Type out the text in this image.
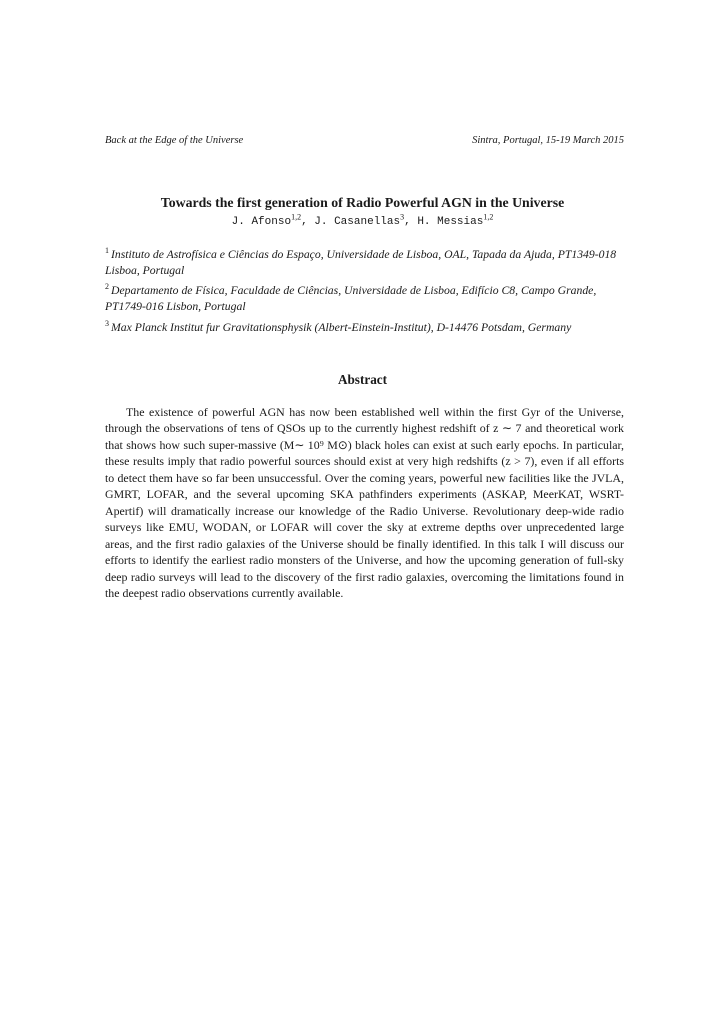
Back at the Edge of the Universe	Sintra, Portugal, 15-19 March 2015
Towards the first generation of Radio Powerful AGN in the Universe
J. Afonso$^{1,2}$, J. Casanellas$^3$, H. Messias$^{1,2}$

$^1$ Instituto de Astrofísica e Ciências do Espaço, Universidade de Lisboa, OAL, Tapada da Ajuda, PT1349-018 Lisboa, Portugal

$^2$ Departamento de Física, Faculdade de Ciências, Universidade de Lisboa, Edifício C8, Campo Grande, PT1749-016 Lisbon, Portugal

$^3$ Max Planck Institut fur Gravitationsphysik (Albert-Einstein-Institut), D-14476 Potsdam, Germany

Abstract

The existence of powerful AGN has now been established well within the first Gyr of the Universe, through the observations of tens of QSOs up to the currently highest redshift of z ∼ 7 and theoretical work that shows how such super-massive (M∼ 10⁹ M⊙) black holes can exist at such early epochs. In particular, these results imply that radio powerful sources should exist at very high redshifts (z > 7), even if all efforts to detect them have so far been unsuccessful. Over the coming years, powerful new facilities like the JVLA, GMRT, LOFAR, and the several upcoming SKA pathfinders experiments (ASKAP, MeerKAT, WSRT-Apertif) will dramatically increase our knowledge of the Radio Universe. Revolutionary deep-wide radio surveys like EMU, WODAN, or LOFAR will cover the sky at extreme depths over unprecedented large areas, and the first radio galaxies of the Universe should be finally identified. In this talk I will discuss our efforts to identify the earliest radio monsters of the Universe, and how the upcoming generation of full-sky deep radio surveys will lead to the discovery of the first radio galaxies, overcoming the limitations found in the deepest radio observations currently available.
